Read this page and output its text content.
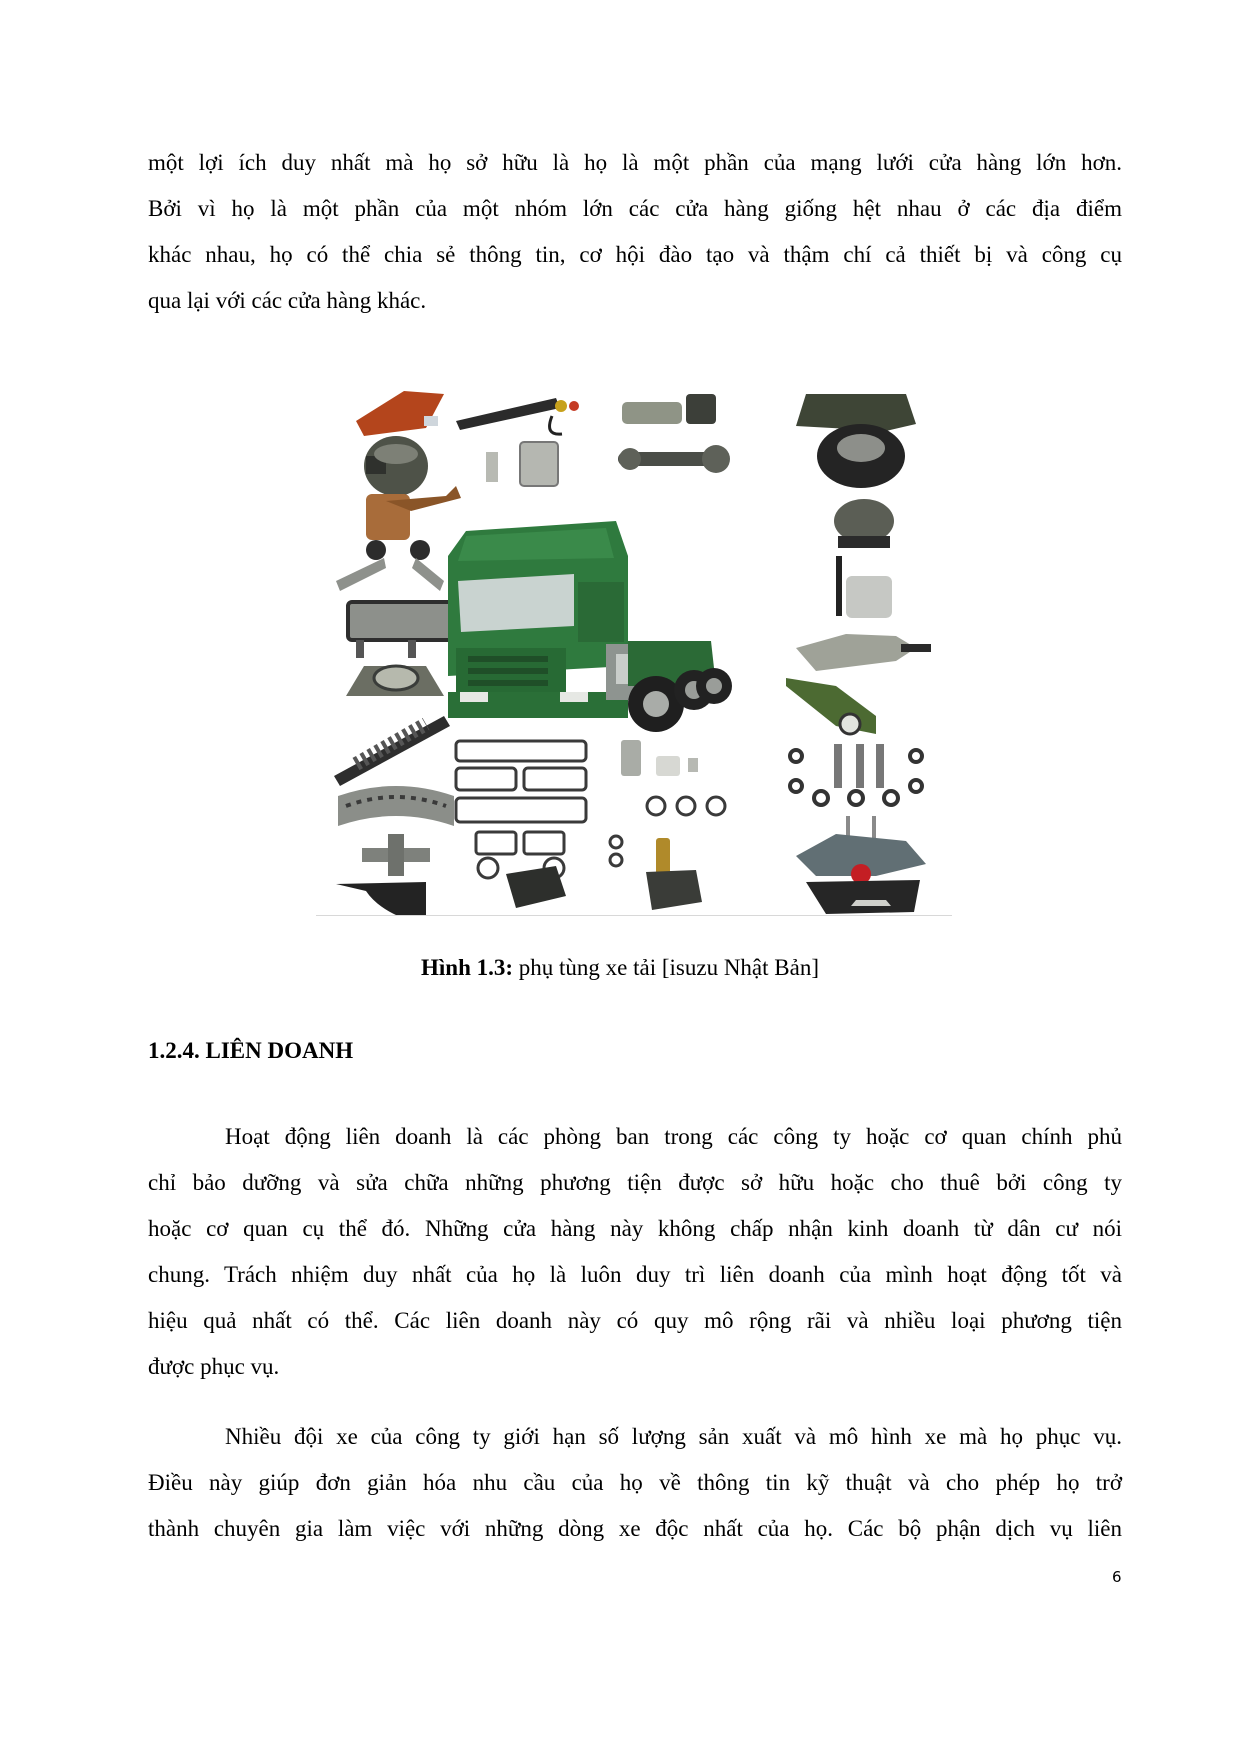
một lợi ích duy nhất mà họ sở hữu là họ là một phần của mạng lưới cửa hàng lớn hơn.
Bởi vì họ là một phần của một nhóm lớn các cửa hàng giống hệt nhau ở các địa điểm
khác nhau, họ có thể chia sẻ thông tin, cơ hội đào tạo và thậm chí cả thiết bị và công cụ
qua lại với các cửa hàng khác.
Hình 1.3: phụ tùng xe tải [isuzu Nhật Bản]
1.2.4. LIÊN DOANH
Hoạt động liên doanh là các phòng ban trong các công ty hoặc cơ quan chính phủ
chỉ bảo dưỡng và sửa chữa những phương tiện được sở hữu hoặc cho thuê bởi công ty
hoặc cơ quan cụ thể đó. Những cửa hàng này không chấp nhận kinh doanh từ dân cư nói
chung. Trách nhiệm duy nhất của họ là luôn duy trì liên doanh của mình hoạt động tốt và
hiệu quả nhất có thể. Các liên doanh này có quy mô rộng rãi và nhiều loại phương tiện
được phục vụ.
Nhiều đội xe của công ty giới hạn số lượng sản xuất và mô hình xe mà họ phục vụ.
Điều này giúp đơn giản hóa nhu cầu của họ về thông tin kỹ thuật và cho phép họ trở
thành chuyên gia làm việc với những dòng xe độc nhất của họ. Các bộ phận dịch vụ liên
6
